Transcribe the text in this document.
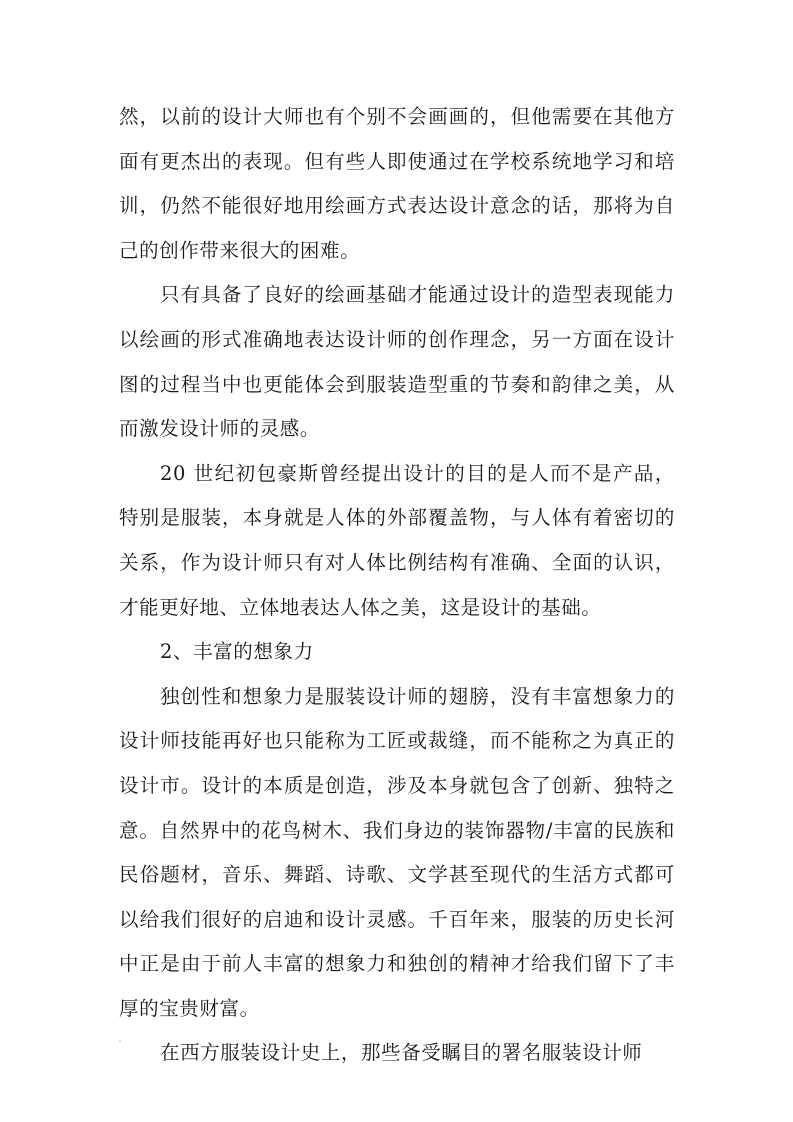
然，以前的设计大师也有个别不会画画的，但他需要在其他方面有更杰出的表现。但有些人即使通过在学校系统地学习和培训，仍然不能很好地用绘画方式表达设计意念的话，那将为自己的创作带来很大的困难。

只有具备了良好的绘画基础才能通过设计的造型表现能力以绘画的形式准确地表达设计师的创作理念，另一方面在设计图的过程当中也更能体会到服装造型重的节奏和韵律之美，从而激发设计师的灵感。

20 世纪初包豪斯曾经提出设计的目的是人而不是产品，特别是服装，本身就是人体的外部覆盖物，与人体有着密切的关系，作为设计师只有对人体比例结构有准确、全面的认识，才能更好地、立体地表达人体之美，这是设计的基础。

2、丰富的想象力

独创性和想象力是服装设计师的翅膀，没有丰富想象力的设计师技能再好也只能称为工匠或裁缝，而不能称之为真正的设计市。设计的本质是创造，涉及本身就包含了创新、独特之意。自然界中的花鸟树木、我们身边的装饰器物/丰富的民族和民俗题材，音乐、舞蹈、诗歌、文学甚至现代的生活方式都可以给我们很好的启迪和设计灵感。千百年来，服装的历史长河中正是由于前人丰富的想象力和独创的精神才给我们留下了丰厚的宝贵财富。

在西方服装设计史上，那些备受瞩目的署名服装设计师
